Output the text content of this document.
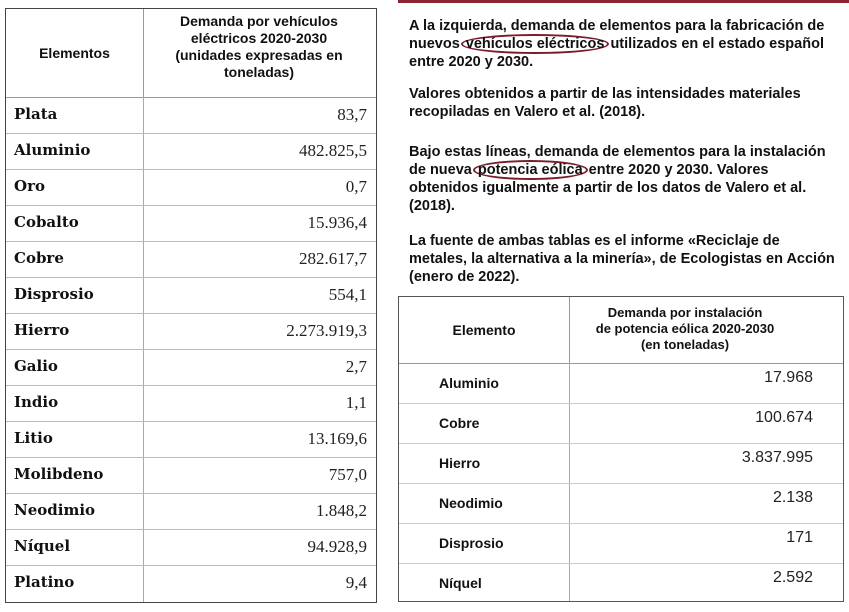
Elementos
Demanda por vehículos
eléctricos 2020-2030
(unidades expresadas en
toneladas)
Plata	83,7
Aluminio	482.825,5
Oro	0,7
Cobalto	15.936,4
Cobre	282.617,7
Disprosio	554,1
Hierro	2.273.919,3
Galio	2,7
Indio	1,1
Litio	13.169,6
Molibdeno	757,0
Neodimio	1.848,2
Níquel	94.928,9
Platino	9,4
A la izquierda, demanda de elementos para la fabricación de nuevos vehículos eléctricos utilizados en el estado español entre 2020 y 2030.
Valores obtenidos a partir de las intensidades materiales recopiladas en Valero et al. (2018).
Bajo estas líneas, demanda de elementos para la instalación de nueva potencia eólica entre 2020 y 2030. Valores obtenidos igualmente a partir de los datos de Valero et al. (2018).
La fuente de ambas tablas es el informe «Reciclaje de metales, la alternativa a la minería», de Ecologistas en Acción (enero de 2022).
Elemento
Demanda por instalación
de potencia eólica 2020-2030
(en toneladas)
Aluminio	17.968
Cobre	100.674
Hierro	3.837.995
Neodimio	2.138
Disprosio	171
Níquel	2.592
